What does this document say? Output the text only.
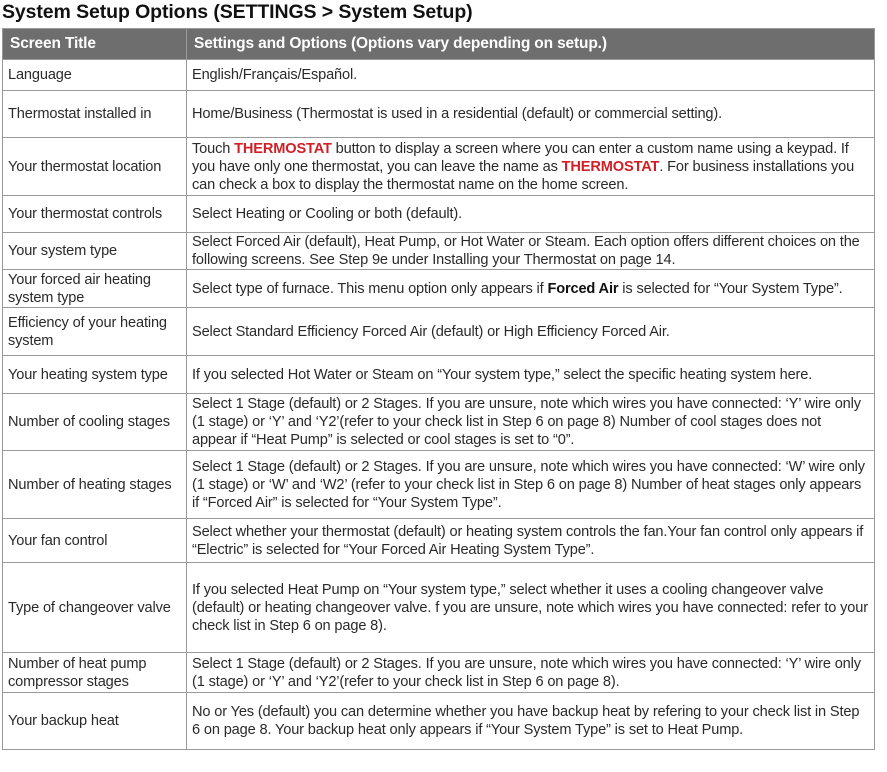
System Setup Options (SETTINGS > System Setup)
Screen Title	Settings and Options (Options vary depending on setup.)
Language	English/Français/Español.
Thermostat installed in	Home/Business (Thermostat is used in a residential (default) or commercial setting).
Your thermostat location	Touch THERMOSTAT button to display a screen where you can enter a custom name using a keypad. If you have only one thermostat, you can leave the name as THERMOSTAT. For business installations you can check a box to display the thermostat name on the home screen.
Your thermostat controls	Select Heating or Cooling or both (default).
Your system type	Select Forced Air (default), Heat Pump, or Hot Water or Steam. Each option offers different choices on the following screens. See Step 9e under Installing your Thermostat on page 14.
Your forced air heating system type	Select type of furnace. This menu option only appears if Forced Air is selected for “Your System Type”.
Efficiency of your heating system	Select Standard Efficiency Forced Air (default) or High Efficiency Forced Air.
Your heating system type	If you selected Hot Water or Steam on “Your system type,” select the specific heating system here.
Number of cooling stages	Select 1 Stage (default) or 2 Stages. If you are unsure, note which wires you have connected: ‘Y’ wire only (1 stage) or ‘Y’ and ‘Y2’(refer to your check list in Step 6 on page 8) Number of cool stages does not appear if “Heat Pump” is selected or cool stages is set to “0”.
Number of heating stages	Select 1 Stage (default) or 2 Stages. If you are unsure, note which wires you have connected: ‘W’ wire only (1 stage) or ‘W’ and ‘W2’ (refer to your check list in Step 6 on page 8) Number of heat stages only appears if “Forced Air” is selected for “Your System Type”.
Your fan control	Select whether your thermostat (default) or heating system controls the fan.Your fan control only appears if “Electric” is selected for “Your Forced Air Heating System Type”.
Type of changeover valve	If you selected Heat Pump on “Your system type,” select whether it uses a cooling changeover valve (default) or heating changeover valve. f you are unsure, note which wires you have connected: refer to your check list in Step 6 on page 8).
Number of heat pump compressor stages	Select 1 Stage (default) or 2 Stages. If you are unsure, note which wires you have connected: ‘Y’ wire only (1 stage) or ‘Y’ and ‘Y2’(refer to your check list in Step 6 on page 8).
Your backup heat	No or Yes (default) you can determine whether you have backup heat by refering to your check list in Step 6 on page 8. Your backup heat only appears if “Your System Type” is set to Heat Pump.
